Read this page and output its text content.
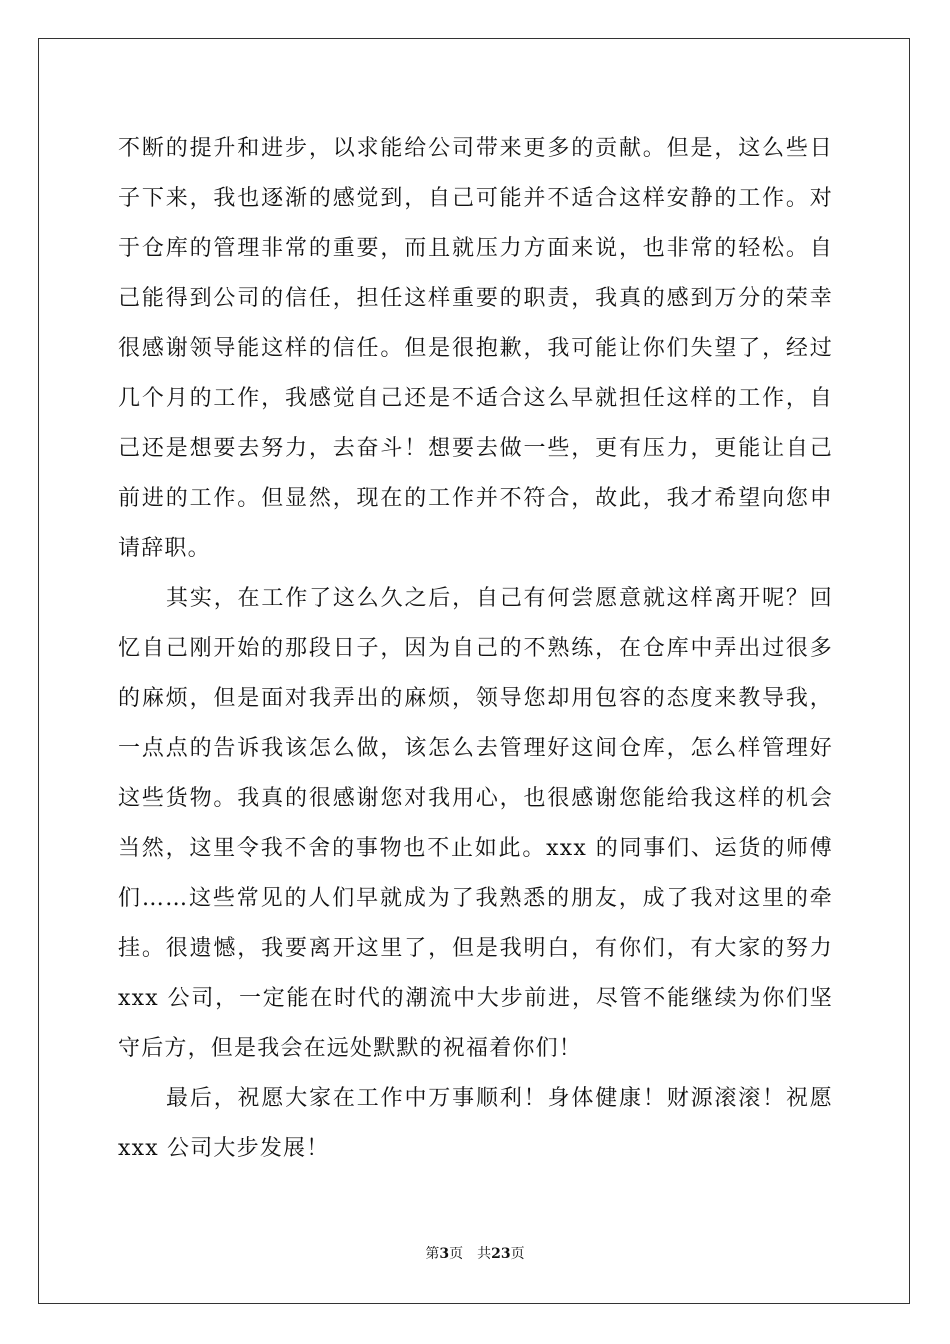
不断的提升和进步，以求能给公司带来更多的贡献。但是，这么些日
子下来，我也逐渐的感觉到，自己可能并不适合这样安静的工作。对
于仓库的管理非常的重要，而且就压力方面来说，也非常的轻松。自
己能得到公司的信任，担任这样重要的职责，我真的感到万分的荣幸
很感谢领导能这样的信任。但是很抱歉，我可能让你们失望了，经过
几个月的工作，我感觉自己还是不适合这么早就担任这样的工作，自
己还是想要去努力，去奋斗！想要去做一些，更有压力，更能让自己
前进的工作。但显然，现在的工作并不符合，故此，我才希望向您申
请辞职。
其实，在工作了这么久之后，自己有何尝愿意就这样离开呢？回
忆自己刚开始的那段日子，因为自己的不熟练，在仓库中弄出过很多
的麻烦，但是面对我弄出的麻烦，领导您却用包容的态度来教导我，
一点点的告诉我该怎么做，该怎么去管理好这间仓库，怎么样管理好
这些货物。我真的很感谢您对我用心，也很感谢您能给我这样的机会
当然，这里令我不舍的事物也不止如此。xxx 的同事们、运货的师傅
们……这些常见的人们早就成为了我熟悉的朋友，成了我对这里的牵
挂。很遗憾，我要离开这里了，但是我明白，有你们，有大家的努力
xxx 公司，一定能在时代的潮流中大步前进，尽管不能继续为你们坚
守后方，但是我会在远处默默的祝福着你们！
最后，祝愿大家在工作中万事顺利！身体健康！财源滚滚！祝愿
xxx 公司大步发展！
第3页 共23页
